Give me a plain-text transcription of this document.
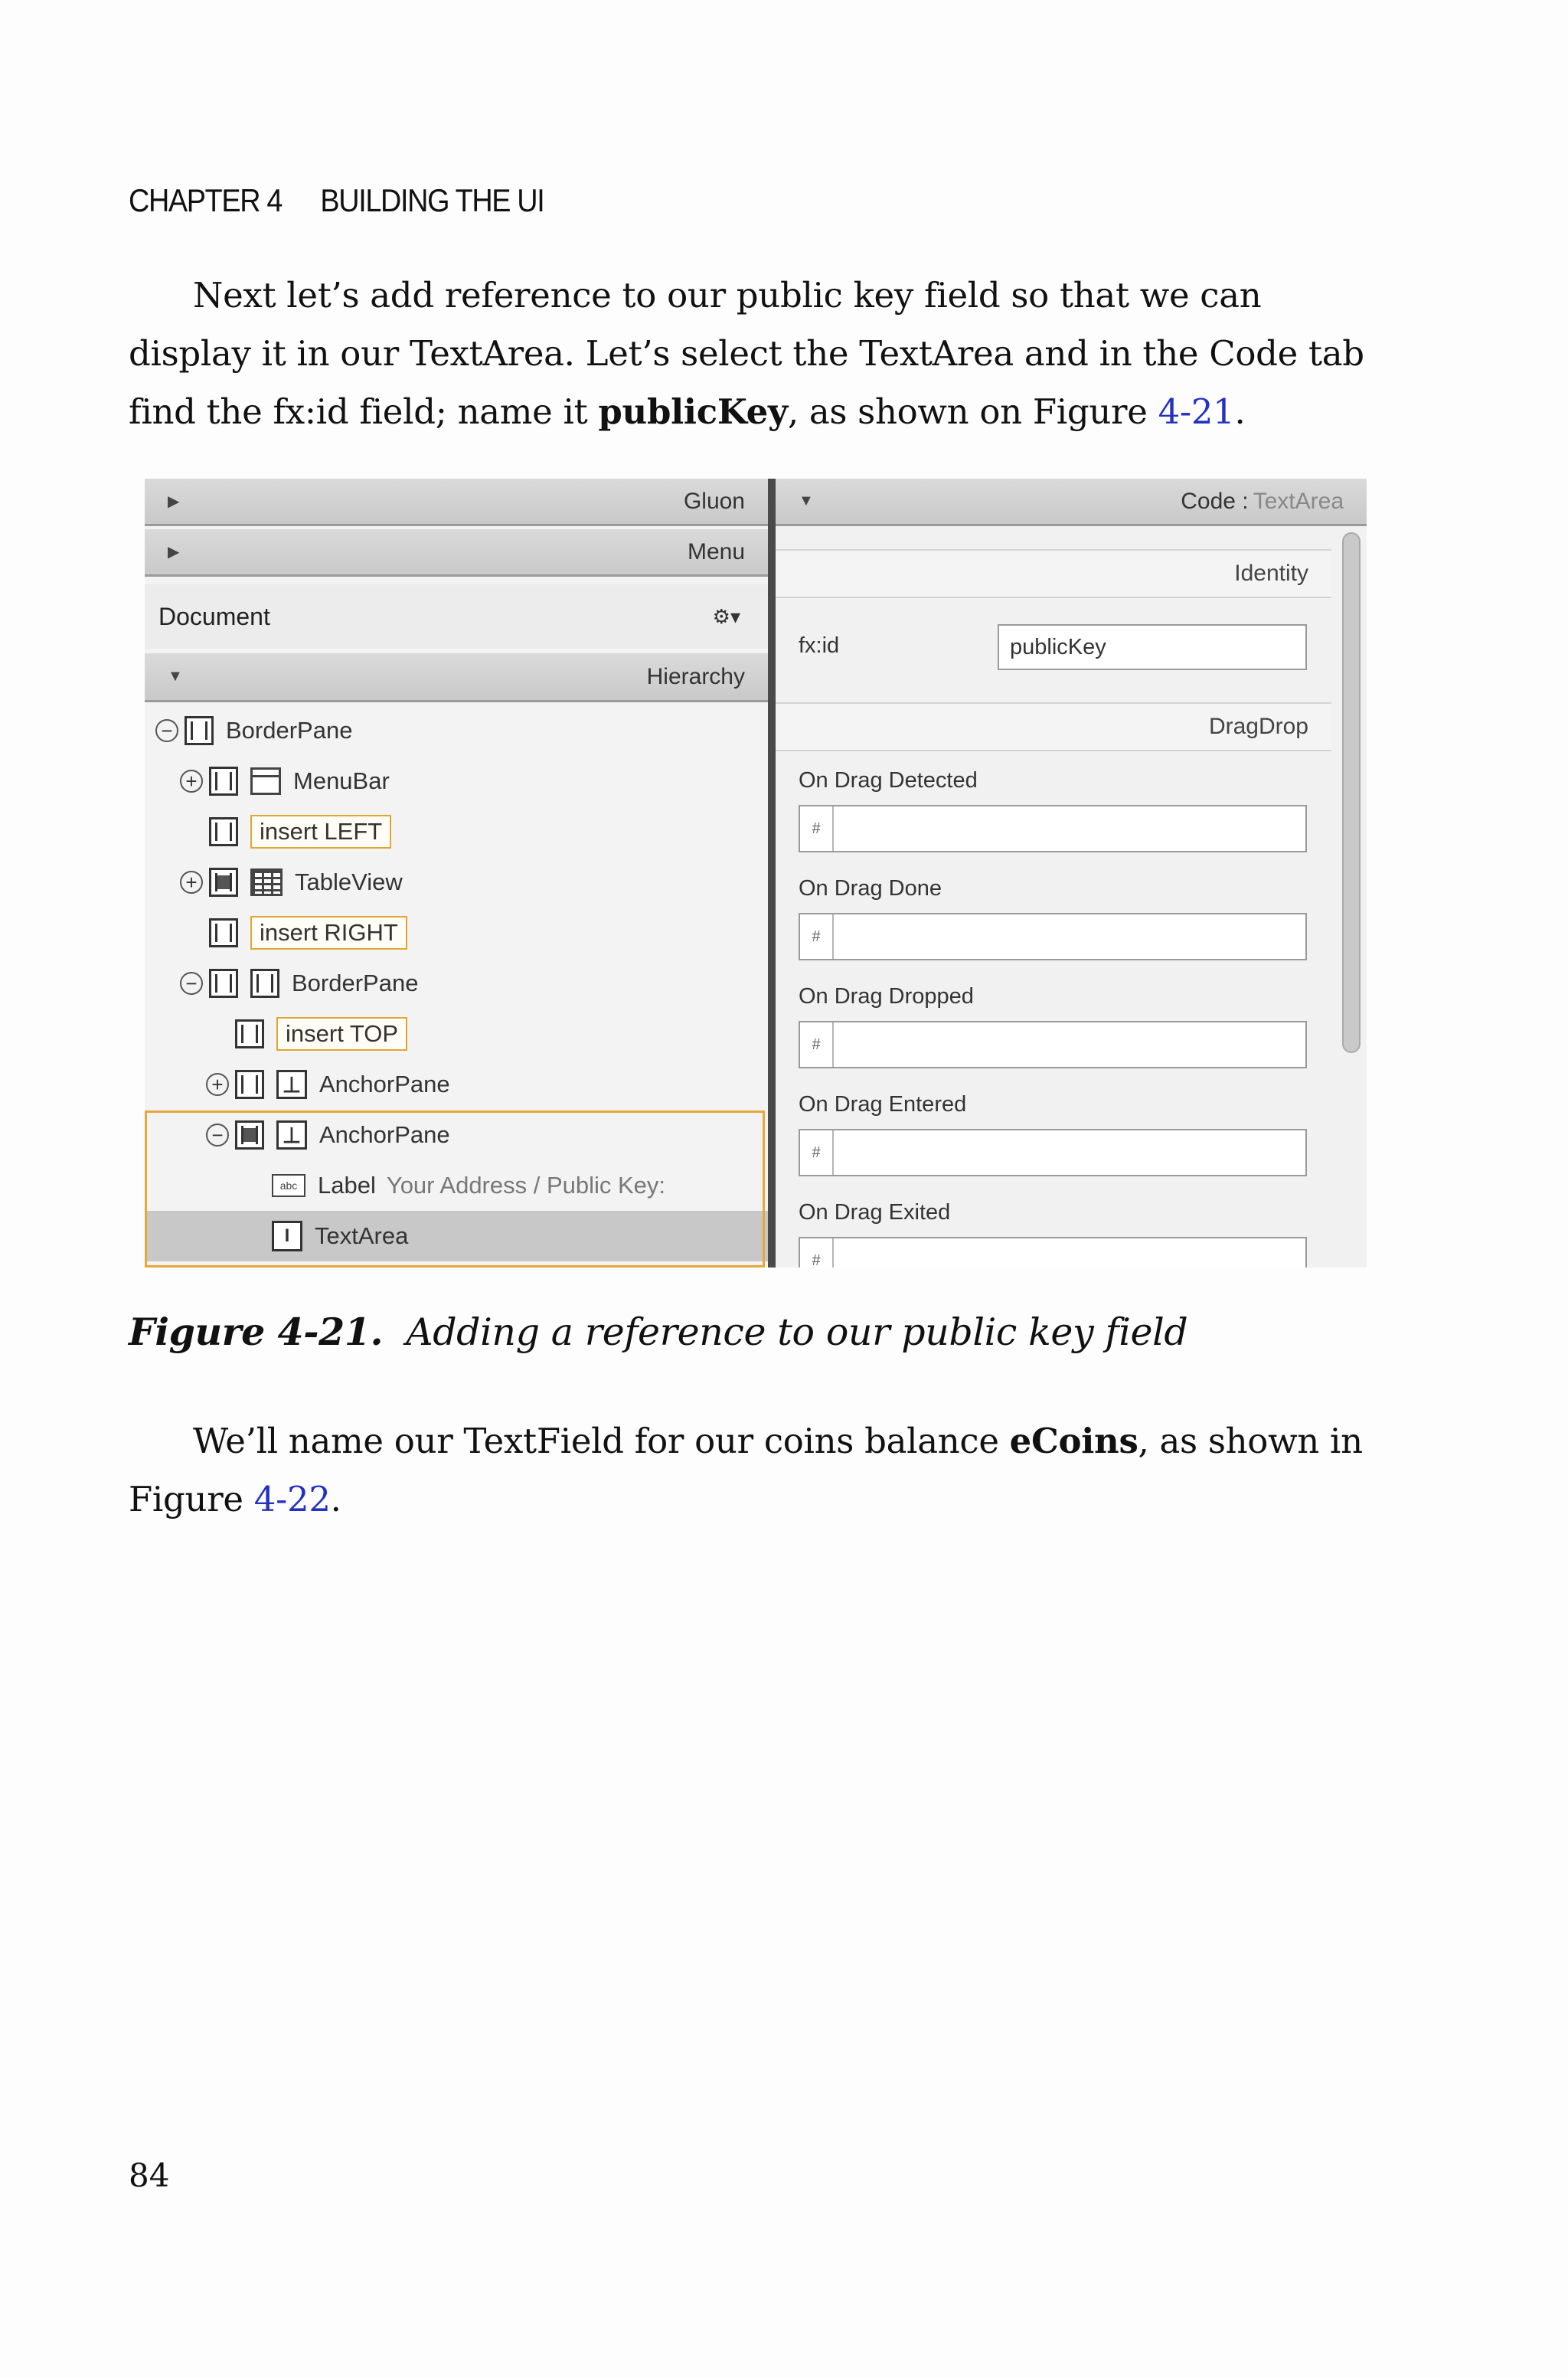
CHAPTER 4 BUILDING THE UI

Next let’s add reference to our public key field so that we can display it in our TextArea. Let’s select the TextArea and in the Code tab find the fx:id field; name it publicKey, as shown on Figure 4-21.

▶	Gluon
▶	Menu
Document	⚙▾
▼	Hierarchy
− BorderPane
+	MenuBar
insert LEFT
+	TableView
insert RIGHT
−	BorderPane
insert TOP
+	⊥ AnchorPane
−	⊥ AnchorPane
abc Label Your Address / Public Key:
I	TextArea
▼	Code : TextArea
Identity
fx:id
publicKey
DragDrop
On Drag Detected
#
On Drag Done
#
On Drag Dropped
#
On Drag Entered
#
On Drag Exited
#
Figure 4-21. Adding a reference to our public key field

We’ll name our TextField for our coins balance eCoins, as shown in Figure 4-22.

84
